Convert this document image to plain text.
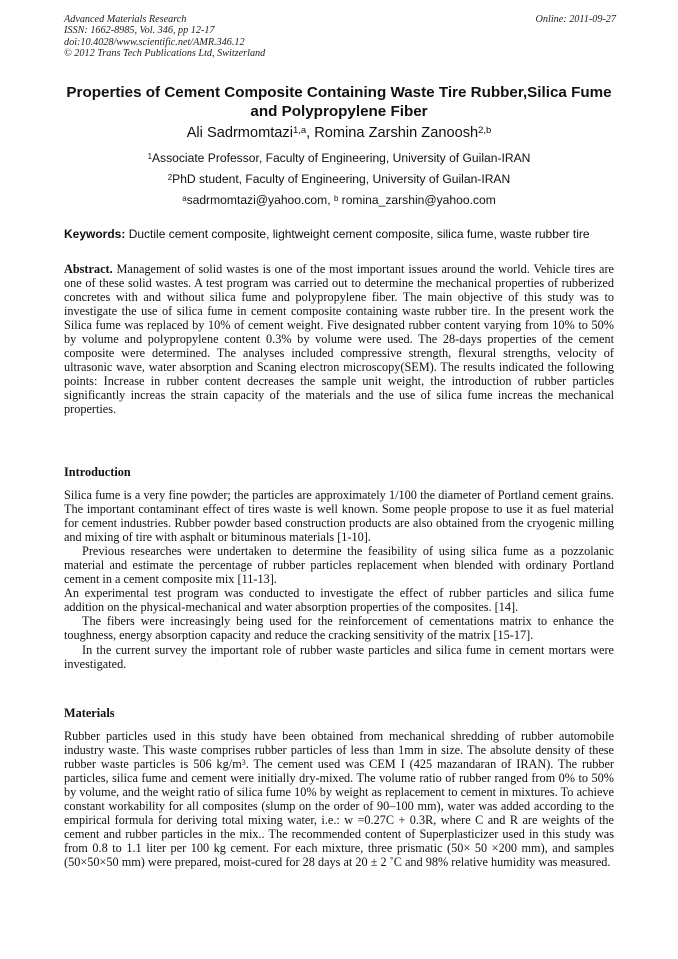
Advanced Materials Research
ISSN: 1662-8985, Vol. 346, pp 12-17
doi:10.4028/www.scientific.net/AMR.346.12
© 2012 Trans Tech Publications Ltd, Switzerland
Online: 2011-09-27
Properties of Cement Composite Containing Waste Tire Rubber,Silica Fume and Polypropylene Fiber
Ali Sadrmomtazi$^{1,a}$, Romina Zarshin Zanoosh$^{2,b}$
$^1$Associate Professor, Faculty of Engineering, University of Guilan-IRAN
$^2$PhD student, Faculty of Engineering, University of Guilan-IRAN
$^a$sadrmomtazi@yahoo.com, $^b$ romina_zarshin@yahoo.com
Keywords: Ductile cement composite, lightweight cement composite, silica fume, waste rubber tire

Abstract. Management of solid wastes is one of the most important issues around the world. Vehicle tires are one of these solid wastes. A test program was carried out to determine the mechanical properties of rubberized concretes with and without silica fume and polypropylene fiber. The main objective of this study was to investigate the use of silica fume in cement composite containing waste rubber tire. In the present work the Silica fume was replaced by 10% of cement weight. Five designated rubber content varying from 10% to 50% by volume and polypropylene content 0.3% by volume were used. The 28-days properties of the cement composite were determined. The analyses included compressive strength, flexural strengths, velocity of ultrasonic wave, water absorption and Scaning electron microscopy(SEM). The results indicated the following points: Increase in rubber content decreases the sample unit weight, the introduction of rubber particles significantly increas the strain capacity of the materials and the use of silica fume increas the mechanical properties.

Introduction

Silica fume is a very fine powder; the particles are approximately 1/100 the diameter of Portland cement grains. The important contaminant effect of tires waste is well known. Some people propose to use it as fuel material for cement industries. Rubber powder based construction products are also obtained from the cryogenic milling and mixing of tire with asphalt or bituminous materials [1-10].

Previous researches were undertaken to determine the feasibility of using silica fume as a pozzolanic material and estimate the percentage of rubber particles replacement when blended with ordinary Portland cement in a cement composite mix [11-13].

An experimental test program was conducted to investigate the effect of rubber particles and silica fume addition on the physical-mechanical and water absorption properties of the composites. [14].

The fibers were increasingly being used for the reinforcement of cementations matrix to enhance the toughness, energy absorption capacity and reduce the cracking sensitivity of the matrix [15-17].

In the current survey the important role of rubber waste particles and silica fume in cement mortars were investigated.

Materials

Rubber particles used in this study have been obtained from mechanical shredding of rubber automobile industry waste. This waste comprises rubber particles of less than 1mm in size. The absolute density of these rubber waste particles is 506 $kg/m^3$. The cement used was CEM I (425 mazandaran of IRAN). The rubber particles, silica fume and cement were initially dry-mixed. The volume ratio of rubber ranged from 0% to 50% by volume, and the weight ratio of silica fume 10% by weight as replacement to cement in mixtures. To achieve constant workability for all composites (slump on the order of 90–100 mm), water was added according to the empirical formula for deriving total mixing water, i.e.: w =0.27C + 0.3R, where C and R are weights of the cement and rubber particles in the mix.. The recommended content of Superplasticizer used in this study was from 0.8 to 1.1 liter per 100 kg cement. For each mixture, three prismatic (50× 50 ×200 mm), and samples (50×50×50 mm) were prepared, moist-cured for 28 days at 20 ± 2 ˚C and 98% relative humidity was measured.
